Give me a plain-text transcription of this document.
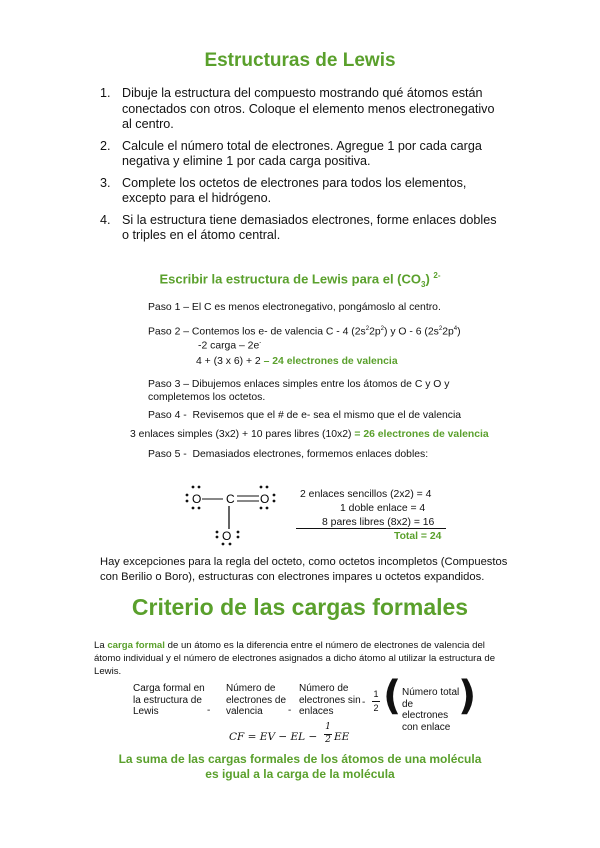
Estructuras de Lewis
1. Dibuje la estructura del compuesto mostrando qué átomos están conectados con otros. Coloque el elemento menos electronegativo al centro.
2. Calcule el número total de electrones. Agregue 1 por cada carga negativa y elimine 1 por cada carga positiva.
3. Complete los octetos de electrones para todos los elementos, excepto para el hidrógeno.
4. Si la estructura tiene demasiados electrones, forme enlaces dobles o triples en el átomo central.
Escribir la estructura de Lewis para el $(CO_3)$ $^{2-}$
Paso 1 – El C es menos electronegativo, pongámoslo al centro.
Paso 2 – Contemos los e- de valencia C - 4 $(2s^22p^2)$ y O - 6 $(2s^22p^4)$
-2 carga – 2e-
4 + (3 x 6) + 2 – 24 electrones de valencia
Paso 3 – Dibujemos enlaces simples entre los átomos de C y O y completemos los octetos.
Paso 4 - Revisemos que el # de e- sea el mismo que el de valencia
3 enlaces simples (3x2) + 10 pares libres (10x2) = 26 electrones de valencia
Paso 5 - Demasiados electrones, formemos enlaces dobles:
O C O
O
2 enlaces sencillos (2x2) = 4
1 doble enlace = 4
8 pares libres (8x2) = 16
Total = 24
Hay excepciones para la regla del octeto, como octetos incompletos (Compuestos con Berilio o Boro), estructuras con electrones impares u octetos expandidos.
Criterio de las cargas formales
La carga formal de un átomo es la diferencia entre el número de electrones de valencia del átomo individual y el número de electrones asignados a dicho átomo al utilizar la estructura de Lewis.
Carga formal en la estructura de Lewis	-
Número de electrones de valencia	-
Número de electrones sin enlaces
-
1
2 ( Número total de electrones con enlace
)
CF = EV − EL −
1
2 EE
La suma de las cargas formales de los átomos de una molécula
es igual a la carga de la molécula
